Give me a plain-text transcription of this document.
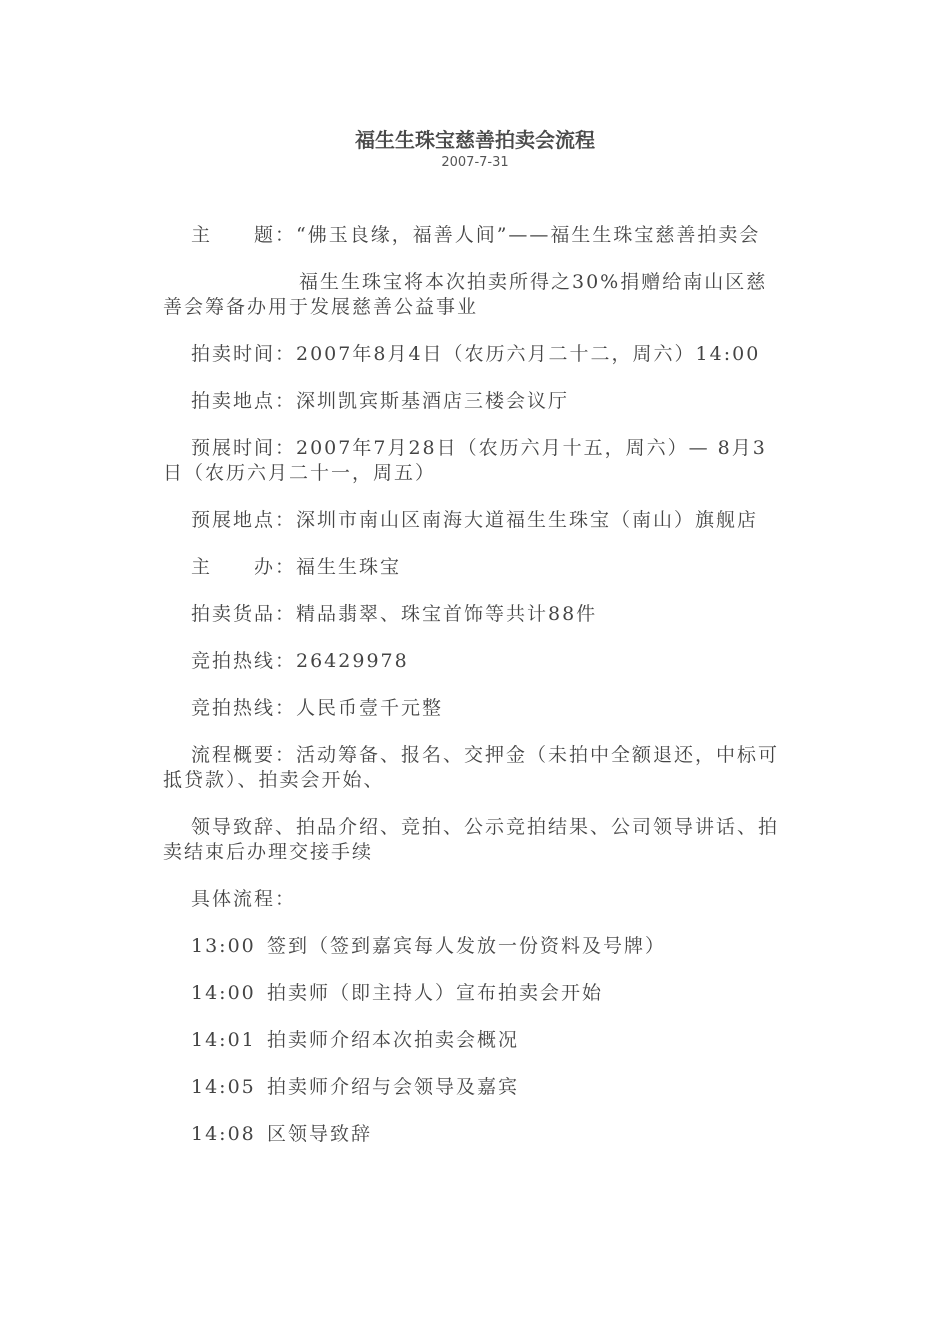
福生生珠宝慈善拍卖会流程
2007-7-31

主　　题：“佛玉良缘，福善人间”——福生生珠宝慈善拍卖会

福生生珠宝将本次拍卖所得之30%捐赠给南山区慈善会筹备办用于发展慈善公益事业

拍卖时间：2007年8月4日（农历六月二十二，周六）14:00

拍卖地点：深圳凯宾斯基酒店三楼会议厅

预展时间：2007年7月28日（农历六月十五，周六）— 8月3日（农历六月二十一，周五）

预展地点：深圳市南山区南海大道福生生珠宝（南山）旗舰店

主　　办：福生生珠宝

拍卖货品：精品翡翠、珠宝首饰等共计88件

竞拍热线：26429978

竞拍热线：人民币壹千元整

流程概要：活动筹备、报名、交押金（未拍中全额退还，中标可抵贷款）、拍卖会开始、

领导致辞、拍品介绍、竞拍、公示竞拍结果、公司领导讲话、拍卖结束后办理交接手续

具体流程：

13:00 签到（签到嘉宾每人发放一份资料及号牌）
14:00 拍卖师（即主持人）宣布拍卖会开始
14:01 拍卖师介绍本次拍卖会概况
14:05 拍卖师介绍与会领导及嘉宾
14:08 区领导致辞
